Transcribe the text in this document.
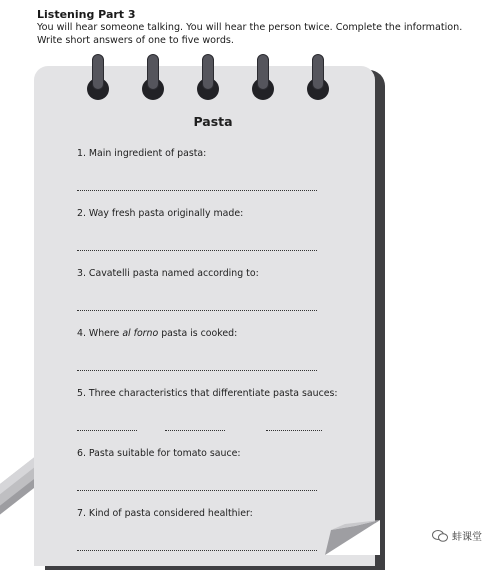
Listening Part 3
You will hear someone talking. You will hear the person twice. Complete the information. Write short answers of one to five words.
Pasta
1. Main ingredient of pasta:
2. Way fresh pasta originally made:
3. Cavatelli pasta named according to:
4. Where al forno pasta is cooked:
5. Three characteristics that differentiate pasta sauces:
6. Pasta suitable for tomato sauce:
7. Kind of pasta considered healthier:
蚌课堂
